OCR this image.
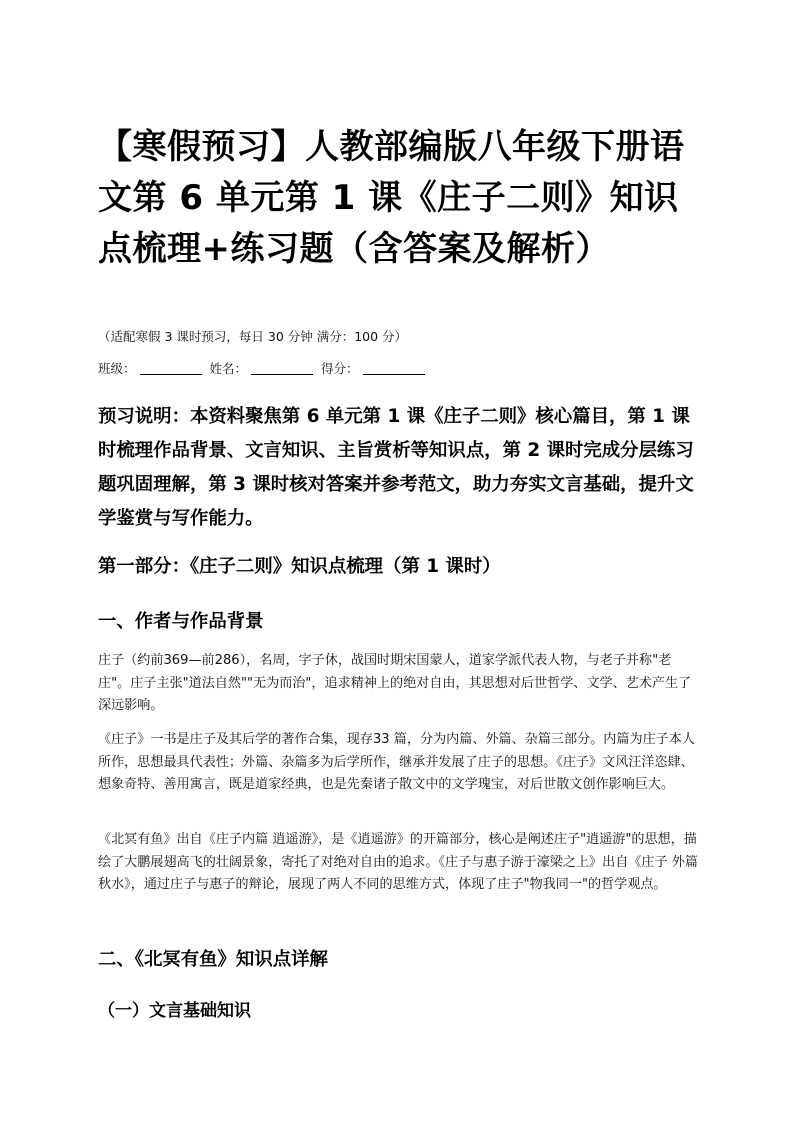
【寒假预习】人教部编版八年级下册语文第 6 单元第 1 课《庄子二则》知识点梳理+练习题（含答案及解析）

（适配寒假 3 课时预习，每日 30 分钟 满分：100 分）

班级：	姓名：	得分：

预习说明：本资料聚焦第 6 单元第 1 课《庄子二则》核心篇目，第 1 课时梳理作品背景、文言知识、主旨赏析等知识点，第 2 课时完成分层练习题巩固理解，第 3 课时核对答案并参考范文，助力夯实文言基础，提升文学鉴赏与写作能力。

第一部分：《庄子二则》知识点梳理（第 1 课时）
一、作者与作品背景

庄子（约前369—前286），名周，字子休，战国时期宋国蒙人，道家学派代表人物，与老子并称"老庄"。庄子主张"道法自然""无为而治"，追求精神上的绝对自由，其思想对后世哲学、文学、艺术产生了深远影响。

《庄子》一书是庄子及其后学的著作合集，现存33 篇，分为内篇、外篇、杂篇三部分。内篇为庄子本人所作，思想最具代表性；外篇、杂篇多为后学所作，继承并发展了庄子的思想。《庄子》文风汪洋恣肆、想象奇特、善用寓言，既是道家经典，也是先秦诸子散文中的文学瑰宝，对后世散文创作影响巨大。

《北冥有鱼》出自《庄子内篇 逍遥游》，是《逍遥游》的开篇部分，核心是阐述庄子"逍遥游"的思想，描绘了大鹏展翅高飞的壮阔景象，寄托了对绝对自由的追求。《庄子与惠子游于濠梁之上》出自《庄子 外篇 秋水》，通过庄子与惠子的辩论，展现了两人不同的思维方式，体现了庄子"物我同一"的哲学观点。

二、《北冥有鱼》知识点详解
（一）文言基础知识
